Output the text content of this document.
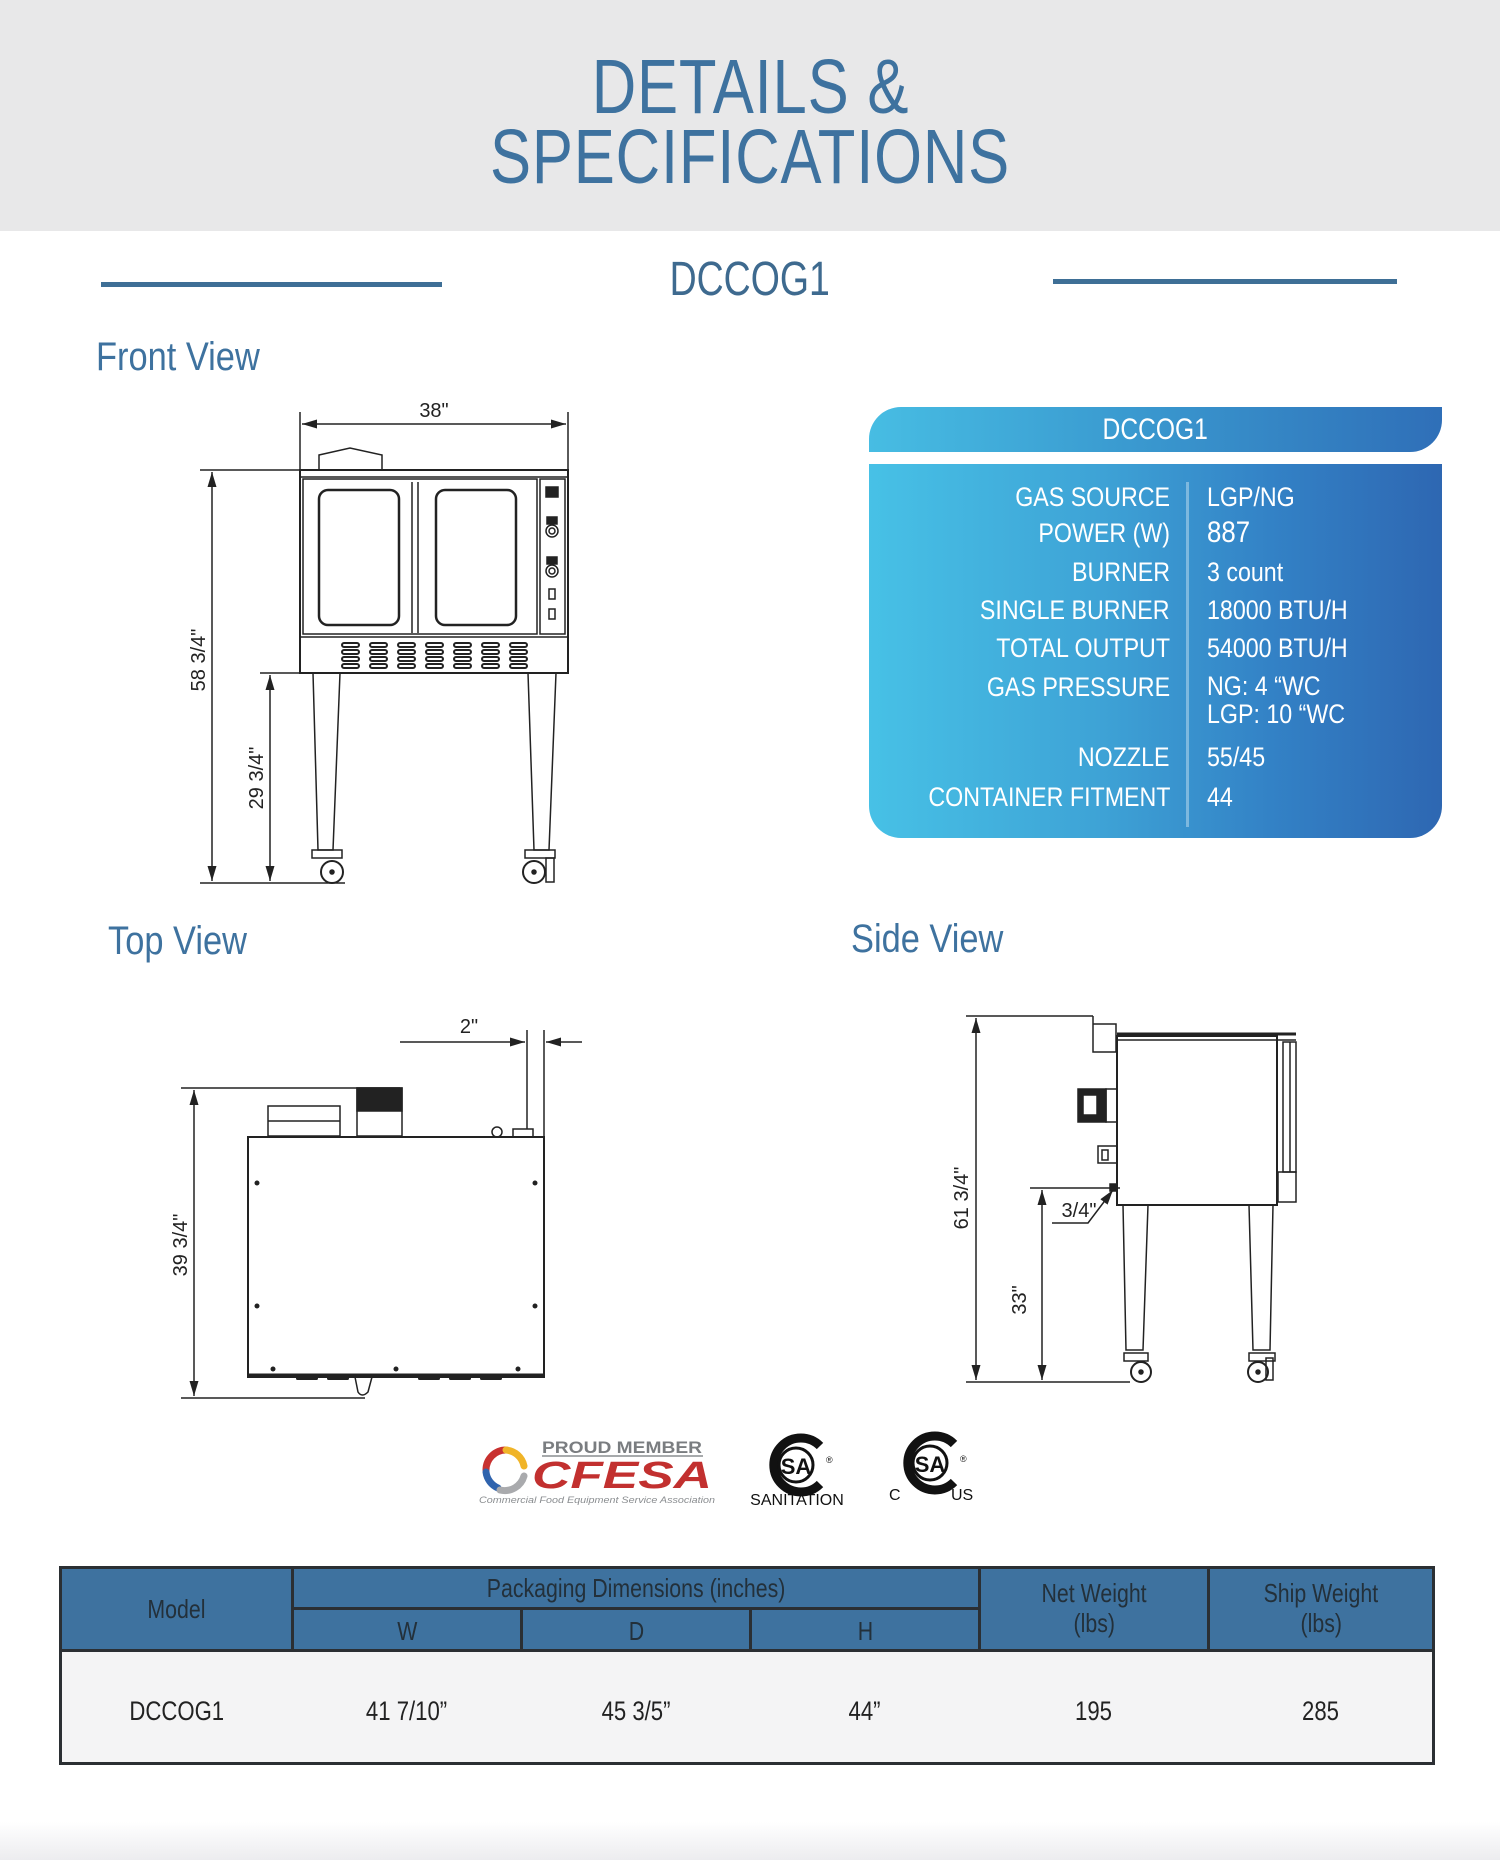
DETAILS &
SPECIFICATIONS
DCCOG1
Front View
Top View	Side View
38"
58 3/4"
29 3/4"
2"
39 3/4"
61 3/4"
33"
3/4"
DCCOG1
GAS SOURCE LGP/NG
POWER (W) 887
BURNER 3 count
SINGLE BURNER 18000 BTU/H
TOTAL OUTPUT 54000 BTU/H
GAS PRESSURE NG: 4 “WC
LGP: 10 “WC
NOZZLE 55/45
CONTAINER FITMENT 44
PROUD MEMBER
CFESA
Commercial Food Equipment Service Association
SA ®
SANITATION
SA ®
C	US
Model
Packaging Dimensions (inches)
W	D	H
Net Weight
(lbs)
Ship Weight
(lbs)
DCCOG1	41 7/10”	45 3/5”	44”	195	285
